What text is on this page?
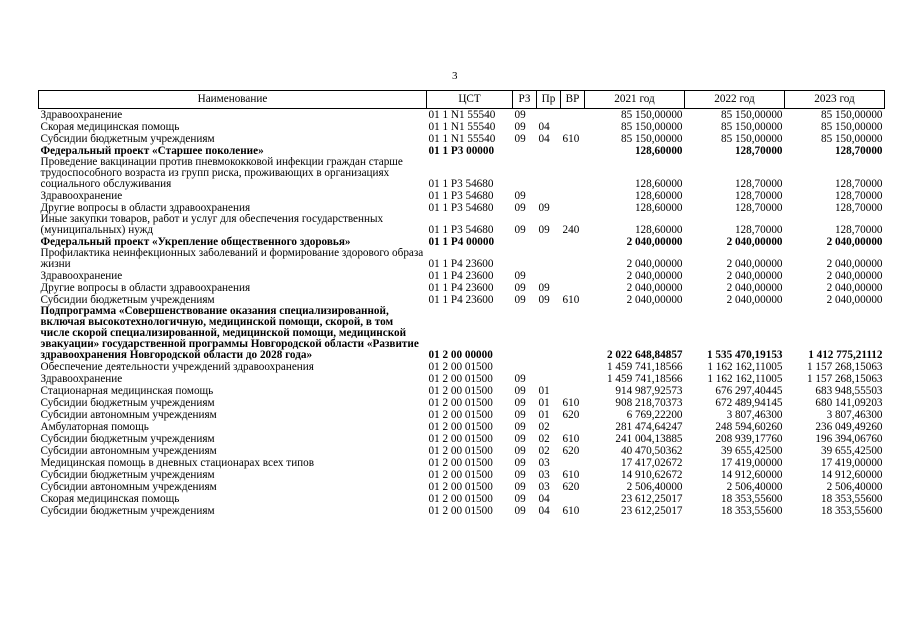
3
Наименование	ЦСТ	РЗ	Пр	ВР	2021 год	2022 год	2023 год
Здравоохранение	01 1 N1 55540	09			85 150,00000	85 150,00000	85 150,00000
Скорая медицинская помощь	01 1 N1 55540	09	04		85 150,00000	85 150,00000	85 150,00000
Субсидии бюджетным учреждениям	01 1 N1 55540	09	04	610	85 150,00000	85 150,00000	85 150,00000
Федеральный проект «Старшее поколение»	01 1 P3 00000				128,60000	128,70000	128,70000
Проведение вакцинации против пневмококковой инфекции граждан старше трудоспособного возраста из групп риска, проживающих в организациях социального обслуживания	01 1 P3 54680				128,60000	128,70000	128,70000
Здравоохранение	01 1 P3 54680	09			128,60000	128,70000	128,70000
Другие вопросы в области здравоохранения	01 1 P3 54680	09	09		128,60000	128,70000	128,70000
Иные закупки товаров, работ и услуг для обеспечения государственных (муниципальных) нужд	01 1 P3 54680	09	09	240	128,60000	128,70000	128,70000
Федеральный проект «Укрепление общественного здоровья»	01 1 P4 00000				2 040,00000	2 040,00000	2 040,00000
Профилактика неинфекционных заболеваний и формирование здорового образа жизни	01 1 P4 23600				2 040,00000	2 040,00000	2 040,00000
Здравоохранение	01 1 P4 23600	09			2 040,00000	2 040,00000	2 040,00000
Другие вопросы в области здравоохранения	01 1 P4 23600	09	09		2 040,00000	2 040,00000	2 040,00000
Субсидии бюджетным учреждениям	01 1 P4 23600	09	09	610	2 040,00000	2 040,00000	2 040,00000
Подпрограмма «Совершенствование оказания специализированной, включая высокотехнологичную, медицинской помощи, скорой, в том числе скорой специализированной, медицинской помощи, медицинской эвакуации» государственной программы Новгородской области «Развитие здравоохранения Новгородской области до 2028 года»	01 2 00 00000				2 022 648,84857	1 535 470,19153	1 412 775,21112
Обеспечение деятельности учреждений здравоохранения	01 2 00 01500				1 459 741,18566	1 162 162,11005	1 157 268,15063
Здравоохранение	01 2 00 01500	09			1 459 741,18566	1 162 162,11005	1 157 268,15063
Стационарная медицинская помощь	01 2 00 01500	09	01		914 987,92573	676 297,40445	683 948,55503
Субсидии бюджетным учреждениям	01 2 00 01500	09	01	610	908 218,70373	672 489,94145	680 141,09203
Субсидии автономным учреждениям	01 2 00 01500	09	01	620	6 769,22200	3 807,46300	3 807,46300
Амбулаторная помощь	01 2 00 01500	09	02		281 474,64247	248 594,60260	236 049,49260
Субсидии бюджетным учреждениям	01 2 00 01500	09	02	610	241 004,13885	208 939,17760	196 394,06760
Субсидии автономным учреждениям	01 2 00 01500	09	02	620	40 470,50362	39 655,42500	39 655,42500
Медицинская помощь в дневных стационарах всех типов	01 2 00 01500	09	03		17 417,02672	17 419,00000	17 419,00000
Субсидии бюджетным учреждениям	01 2 00 01500	09	03	610	14 910,62672	14 912,60000	14 912,60000
Субсидии автономным учреждениям	01 2 00 01500	09	03	620	2 506,40000	2 506,40000	2 506,40000
Скорая медицинская помощь	01 2 00 01500	09	04		23 612,25017	18 353,55600	18 353,55600
Субсидии бюджетным учреждениям	01 2 00 01500	09	04	610	23 612,25017	18 353,55600	18 353,55600
